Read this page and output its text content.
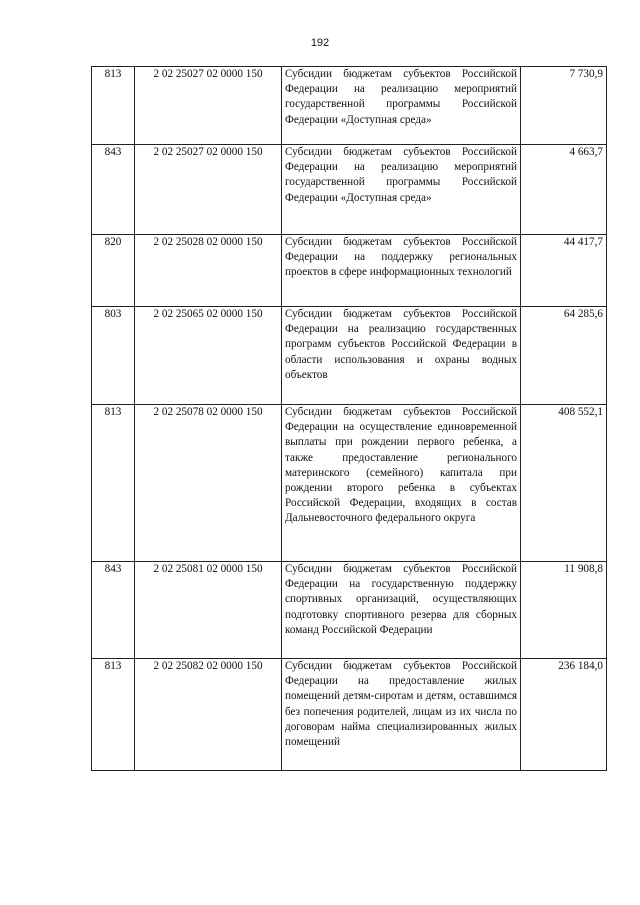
192
813	2 02 25027 02 0000 150	Субсидии бюджетам субъектов Российской Федерации на реализацию мероприятий государственной программы Российской Федерации «Доступная среда»	7 730,9
843	2 02 25027 02 0000 150	Субсидии бюджетам субъектов Российской Федерации на реализацию мероприятий государственной программы Российской Федерации «Доступная среда»	4 663,7
820	2 02 25028 02 0000 150	Субсидии бюджетам субъектов Российской Федерации на поддержку региональных проектов в сфере информационных технологий	44 417,7
803	2 02 25065 02 0000 150	Субсидии бюджетам субъектов Российской Федерации на реализацию государственных программ субъектов Российской Федерации в области использования и охраны водных объектов	64 285,6
813	2 02 25078 02 0000 150	Субсидии бюджетам субъектов Российской Федерации на осуществление единовременной выплаты при рождении первого ребенка, а также предоставление регионального материнского (семейного) капитала при рождении второго ребенка в субъектах Российской Федерации, входящих в состав Дальневосточного федерального округа	408 552,1
843	2 02 25081 02 0000 150	Субсидии бюджетам субъектов Российской Федерации на государственную поддержку спортивных организаций, осуществляющих подготовку спортивного резерва для сборных команд Российской Федерации	11 908,8
813	2 02 25082 02 0000 150	Субсидии бюджетам субъектов Российской Федерации на предоставление жилых помещений детям-сиротам и детям, оставшимся без попечения родителей, лицам из их числа по договорам найма специализированных жилых помещений	236 184,0
